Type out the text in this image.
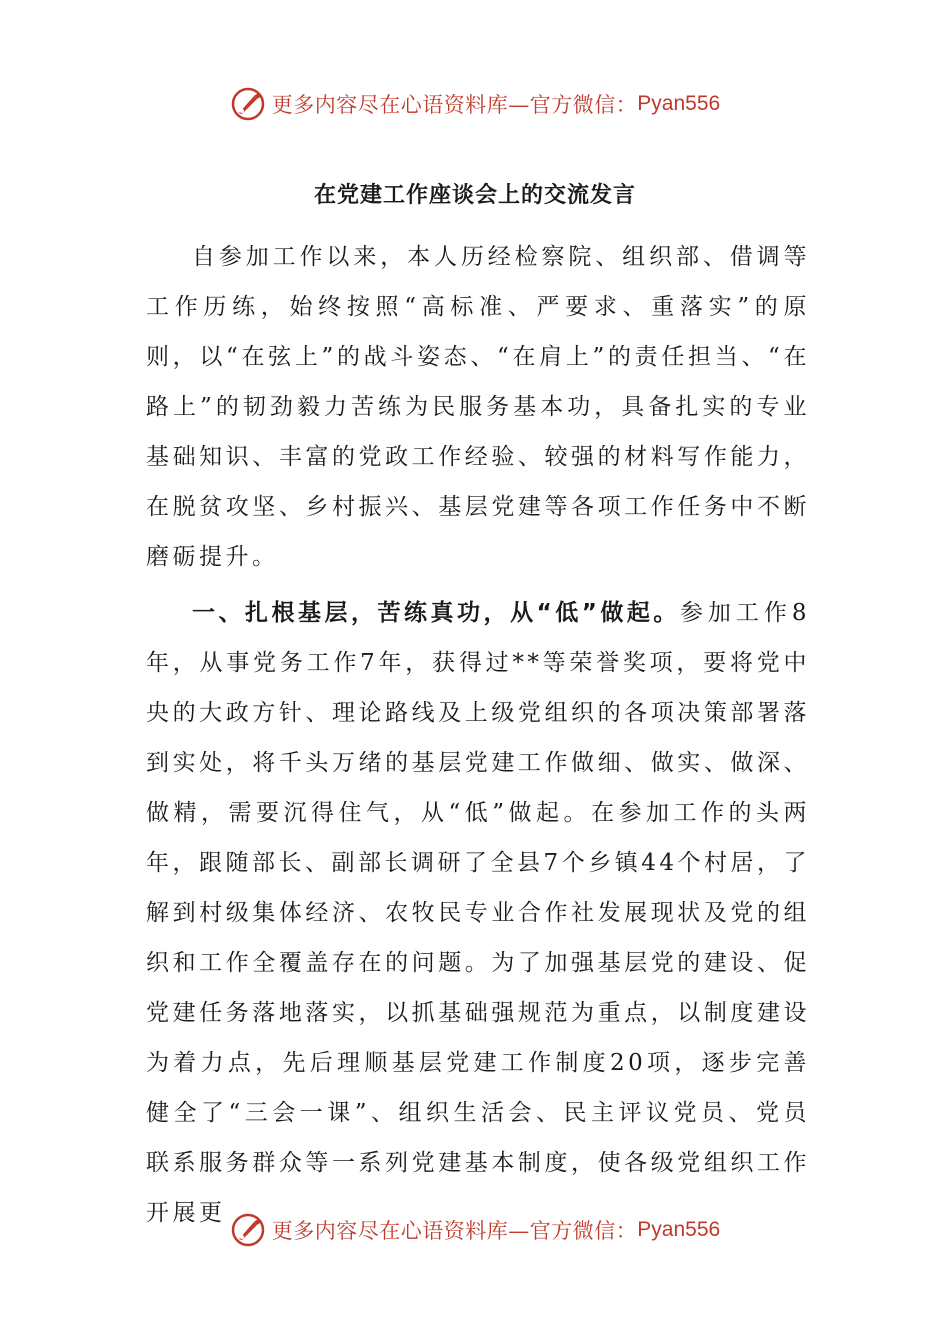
更多内容尽在心语资料库—官方微信： Pyan556
在党建工作座谈会上的交流发言

自参加工作以来，本人历经检察院、组织部、借调等工作历练，始终按照“高标准、严要求、重落实”的原则，以“在弦上”的战斗姿态、“在肩上”的责任担当、“在路上”的韧劲毅力苦练为民服务基本功，具备扎实的专业基础知识、丰富的党政工作经验、较强的材料写作能力，在脱贫攻坚、乡村振兴、基层党建等各项工作任务中不断磨砺提升。

一、扎根基层，苦练真功，从“低”做起。参加工作8年，从事党务工作7年，获得过**等荣誉奖项，要将党中央的大政方针、理论路线及上级党组织的各项决策部署落到实处，将千头万绪的基层党建工作做细、做实、做深、做精，需要沉得住气，从“低”做起。在参加工作的头两年，跟随部长、副部长调研了全县7个乡镇44个村居，了解到村级集体经济、农牧民专业合作社发展现状及党的组织和工作全覆盖存在的问题。为了加强基层党的建设、促党建任务落地落实，以抓基础强规范为重点，以制度建设为着力点，先后理顺基层党建工作制度20项，逐步完善健全了“三会一课”、组织生活会、民主评议党员、党员联系服务群众等一系列党建基本制度，使各级党组织工作开展更

更多内容尽在心语资料库—官方微信： Pyan556
